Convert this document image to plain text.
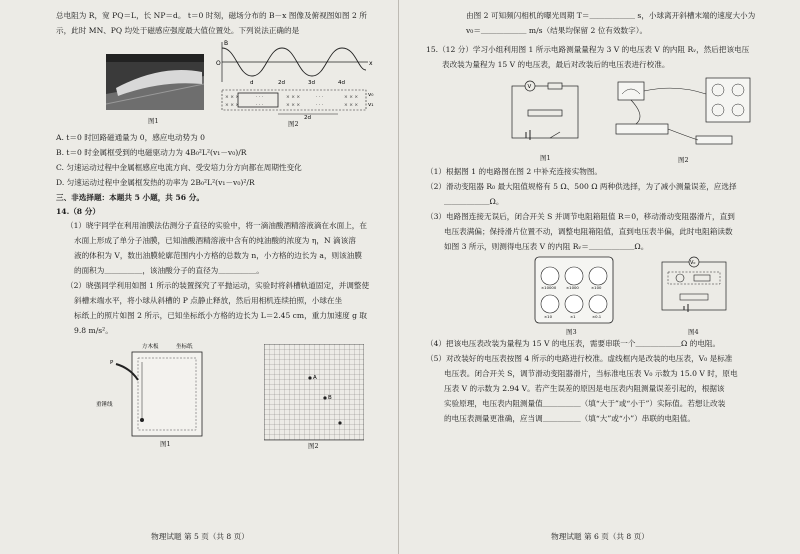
总电阻为 R，宽 PQ＝L，长 NP＝d。 t＝0 时刻，磁场分布的 B－x 图像及俯视图如图 2 所

示，此时 MN、PQ 均处于磁感应强度最大值位置处。下列说法正确的是

图1
B
x
O
d	2d	3d	4d
× × ×
× × ×
· · ·
· · ·
× × ×
× × ×
· · ·
· · ·
× × ×
× × ×
2d
v₀
v₁
图2

A. t＝0 时回路磁通量为 0，感应电动势为 0

B. t＝0 时金属框受到的电磁驱动力为 4B₀²L²(v₁－v₀)/R

C. 匀速运动过程中金属框感应电流方向、受安培力分方向都在周期性变化

D. 匀速运动过程中金属框发热的功率为 2B₀²L²(v₁－v₀)²/R

三、非选择题：本题共 5 小题，共 56 分。

14.（8 分）

（1）晓宇同学在利用油膜法估测分子直径的实验中，将一滴油酸酒精溶液滴在水面上，在

水面上形成了单分子油膜，已知油酸酒精溶液中含有的纯油酸的浓度为 η，N 滴该溶

液的体积为 V，数出油膜轮廓范围内小方格的总数为 n，小方格的边长为 a，则该油膜

的面积为＿＿＿＿＿，该油酸分子的直径为＿＿＿＿＿。

（2）晓强同学利用如图 1 所示的装置探究了平抛运动，实验时将斜槽轨道固定，并调整使

斜槽末端水平，将小球从斜槽的 P 点静止释放，然后用相机连续拍照，小球在坐

标纸上的照片如图 2 所示，已知坐标纸小方格的边长为 L＝2.45 cm，重力加速度 g 取

9.8 m/s²。

方木板	坐标纸
重锤线
P
图1
A
B
图2
物理试题 第 5 页（共 8 页）

由图 2 可知频闪相机的曝光周期 T＝＿＿＿＿＿＿ s，小球离开斜槽末端的速度大小为

v₀＝＿＿＿＿＿＿ m/s（结果均保留 2 位有效数字）。

15.（12 分）学习小组利用图 1 所示电路测量量程为 3 V 的电压表 V 的内阻 Rᵥ，然后把该电压

表改装为量程为 15 V 的电压表，最后对改装后的电压表进行校准。

V
图1	图2

（1）根据图 1 的电路图在图 2 中补充连接实物图。

（2）滑动变阻器 R₀ 最大阻值规格有 5 Ω、500 Ω 两种供选择，为了减小测量误差，应选择

＿＿＿＿＿＿Ω。

（3）电路图连接无误后，闭合开关 S 并调节电阻箱阻值 R＝0，移动滑动变阻器滑片，直到

电压表满偏；保持滑片位置不动，调整电阻箱阻值，直到电压表半偏，此时电阻箱读数

如图 3 所示，则测得电压表 V 的内阻 Rᵥ＝＿＿＿＿＿＿Ω。

×10000	×1000	×100
×10	×1	×0.1
图3
V₀
图4

（4）把该电压表改装为量程为 15 V 的电压表，需要串联一个＿＿＿＿＿＿Ω 的电阻。

（5）对改装好的电压表按图 4 所示的电路进行校准。虚线框内是改装的电压表，V₀ 是标准

电压表。闭合开关 S，调节滑动变阻器滑片，当标准电压表 V₀ 示数为 15.0 V 时，原电

压表 V 的示数为 2.94 V。若产生误差的原因是电压表内阻测量误差引起的，根据该

实验原理，电压表内阻测量值＿＿＿＿＿（填“大于”或“小于”）实际值。若想让改装

的电压表测量更准确，应当调＿＿＿＿＿（填“大”或“小”）串联的电阻值。

物理试题 第 6 页（共 8 页）
